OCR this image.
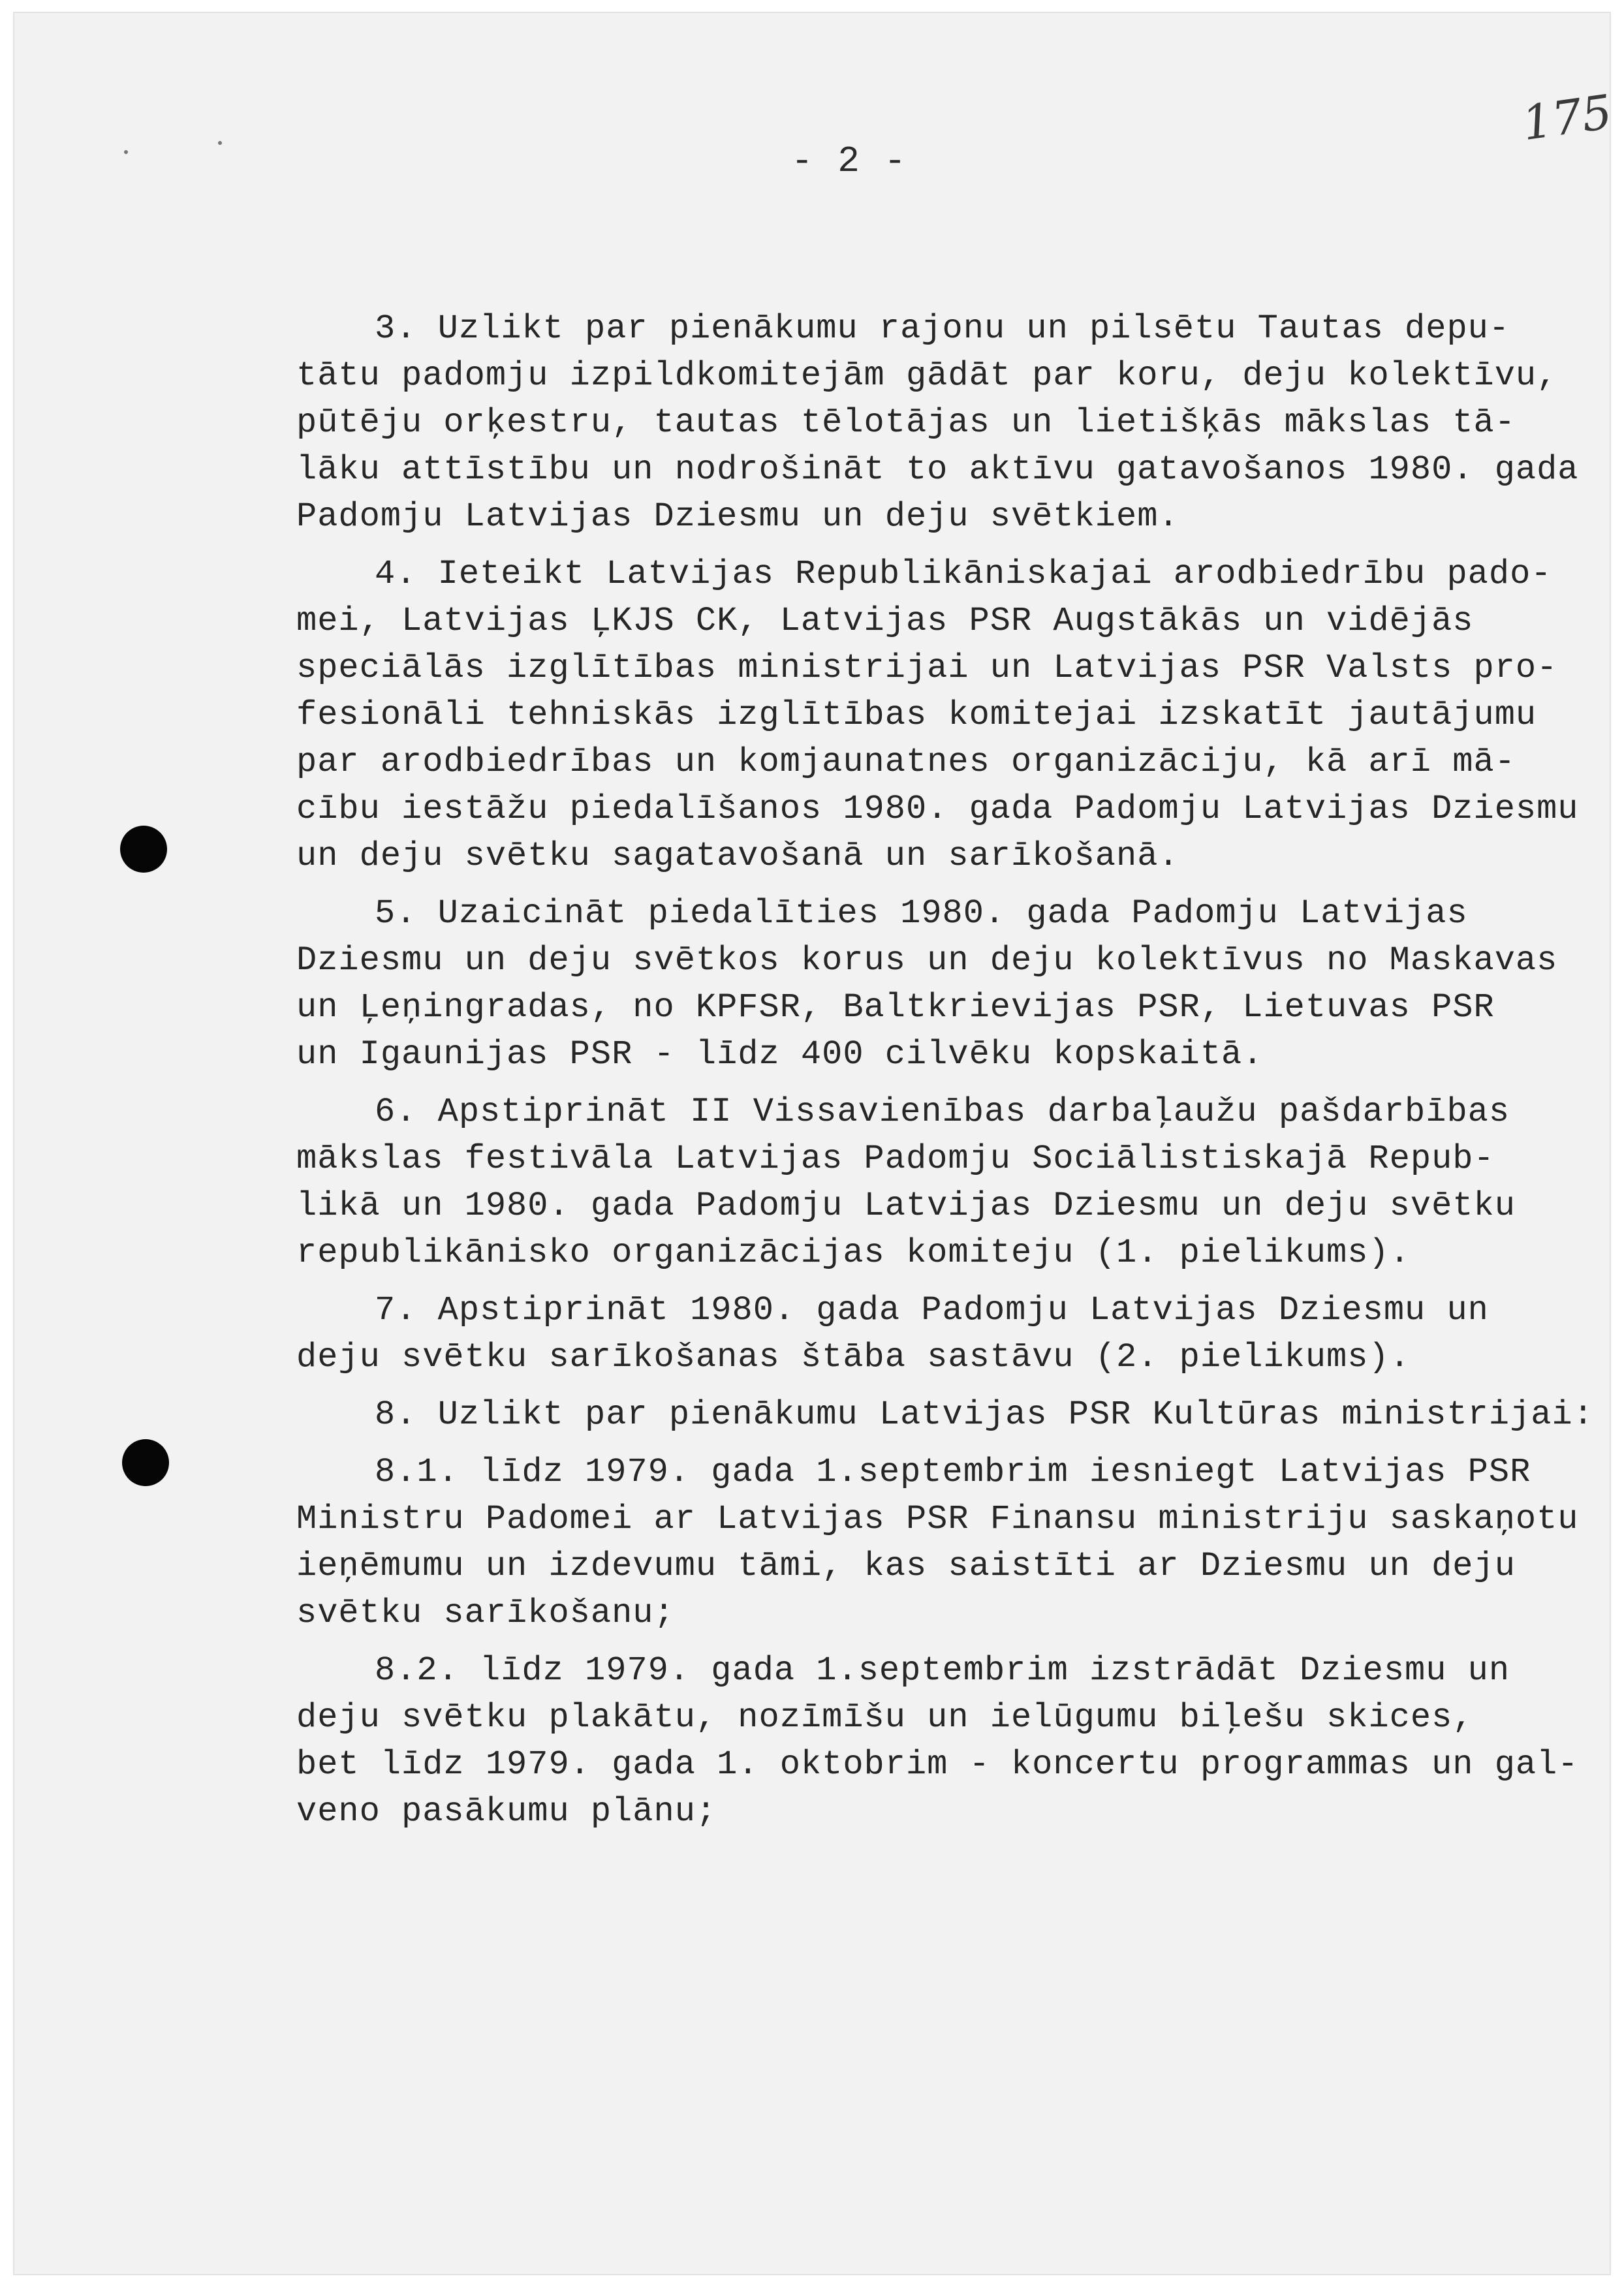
- 2 -
175
3. Uzlikt par pienākumu rajonu un pilsētu Tautas depu-
tātu padomju izpildkomitejām gādāt par koru, deju kolektīvu,
pūtēju orķestru, tautas tēlotājas un lietišķās mākslas tā-
lāku attīstību un nodrošināt to aktīvu gatavošanos 1980. gada
Padomju Latvijas Dziesmu un deju svētkiem.
4. Ieteikt Latvijas Republikāniskajai arodbiedrību pado-
mei, Latvijas ĻKJS CK, Latvijas PSR Augstākās un vidējās
speciālās izglītības ministrijai un Latvijas PSR Valsts pro-
fesionāli tehniskās izglītības komitejai izskatīt jautājumu
par arodbiedrības un komjaunatnes organizāciju, kā arī mā-
cību iestāžu piedalīšanos 1980. gada Padomju Latvijas Dziesmu
un deju svētku sagatavošanā un sarīkošanā.
5. Uzaicināt piedalīties 1980. gada Padomju Latvijas
Dziesmu un deju svētkos korus un deju kolektīvus no Maskavas
un Ļeņingradas, no KPFSR, Baltkrievijas PSR, Lietuvas PSR
un Igaunijas PSR - līdz 400 cilvēku kopskaitā.
6. Apstiprināt II Vissavienības darbaļaužu pašdarbības
mākslas festivāla Latvijas Padomju Sociālistiskajā Repub-
likā un 1980. gada Padomju Latvijas Dziesmu un deju svētku
republikānisko organizācijas komiteju (1. pielikums).
7. Apstiprināt 1980. gada Padomju Latvijas Dziesmu un
deju svētku sarīkošanas štāba sastāvu (2. pielikums).
8. Uzlikt par pienākumu Latvijas PSR Kultūras ministrijai:
8.1. līdz 1979. gada 1.septembrim iesniegt Latvijas PSR
Ministru Padomei ar Latvijas PSR Finansu ministriju saskaņotu
ieņēmumu un izdevumu tāmi, kas saistīti ar Dziesmu un deju
svētku sarīkošanu;
8.2. līdz 1979. gada 1.septembrim izstrādāt Dziesmu un
deju svētku plakātu, nozīmīšu un ielūgumu biļešu skices,
bet līdz 1979. gada 1. oktobrim - koncertu programmas un gal-
veno pasākumu plānu;
